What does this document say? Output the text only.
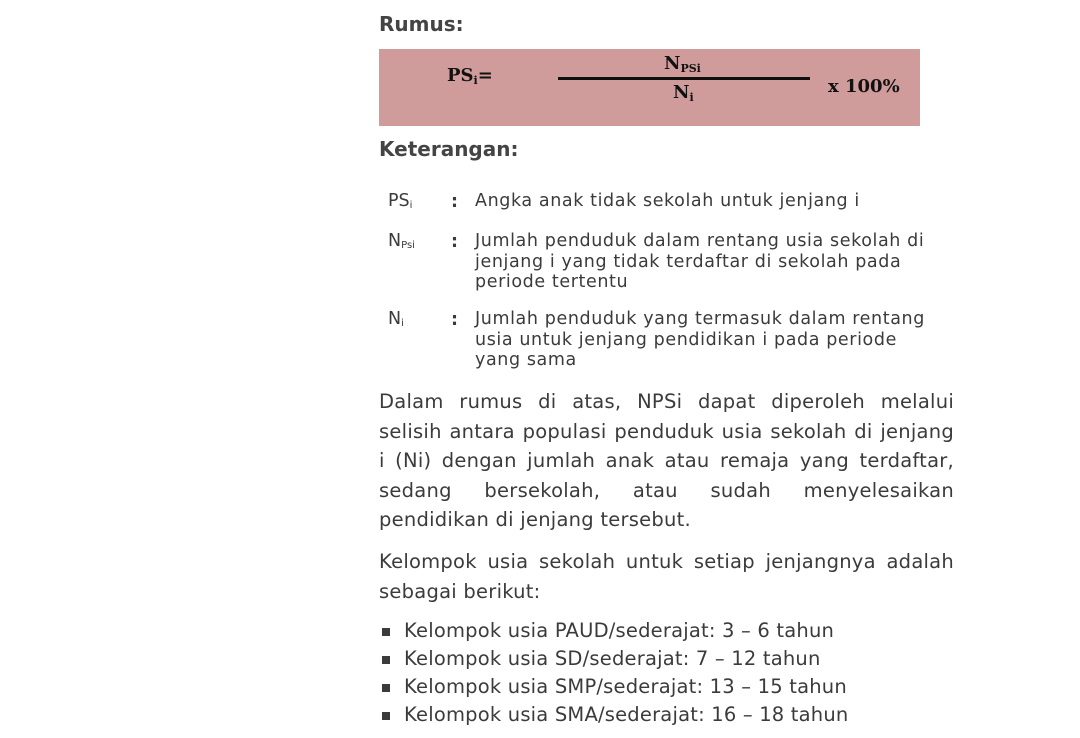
Rumus:
$PS_i=$
$N_{PSi}$
$N_i$
x 100%
Keterangan:
$PS_i$ : Angka anak tidak sekolah untuk jenjang i
$N_{Psi}$ : Jumlah penduduk dalam rentang usia sekolah di jenjang i yang tidak terdaftar di sekolah pada periode tertentu
$N_i$	: Jumlah penduduk yang termasuk dalam rentang usia untuk jenjang pendidikan i pada periode yang sama

Dalam rumus di atas, NPSi dapat diperoleh melalui selisih antara populasi penduduk usia sekolah di jenjang i (Ni) dengan jumlah anak atau remaja yang terdaftar, sedang bersekolah, atau sudah menyelesaikan pendidikan di jenjang tersebut.

Kelompok usia sekolah untuk setiap jenjangnya adalah sebagai berikut:

Kelompok usia PAUD/sederajat: 3 – 6 tahun
Kelompok usia SD/sederajat: 7 – 12 tahun
Kelompok usia SMP/sederajat: 13 – 15 tahun
Kelompok usia SMA/sederajat: 16 – 18 tahun
